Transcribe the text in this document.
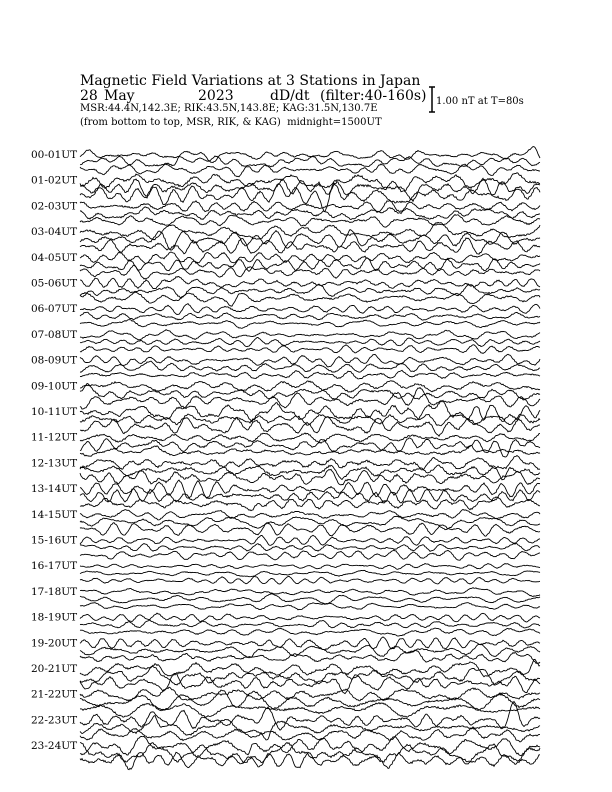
Magnetic Field Variations at 3 Stations in Japan
28 May	2023	dD/dt (filter:40-160s)
MSR:44.4N,142.3E; RIK:43.5N,143.8E; KAG:31.5N,130.7E
(from bottom to top, MSR, RIK, & KAG) midnight=1500UT
1.00 nT at T=80s
00-01UT
01-02UT
02-03UT
03-04UT
04-05UT
05-06UT
06-07UT
07-08UT
08-09UT
09-10UT
10-11UT
11-12UT
12-13UT
13-14UT
14-15UT
15-16UT
16-17UT
17-18UT
18-19UT
19-20UT
20-21UT
21-22UT
22-23UT
23-24UT
